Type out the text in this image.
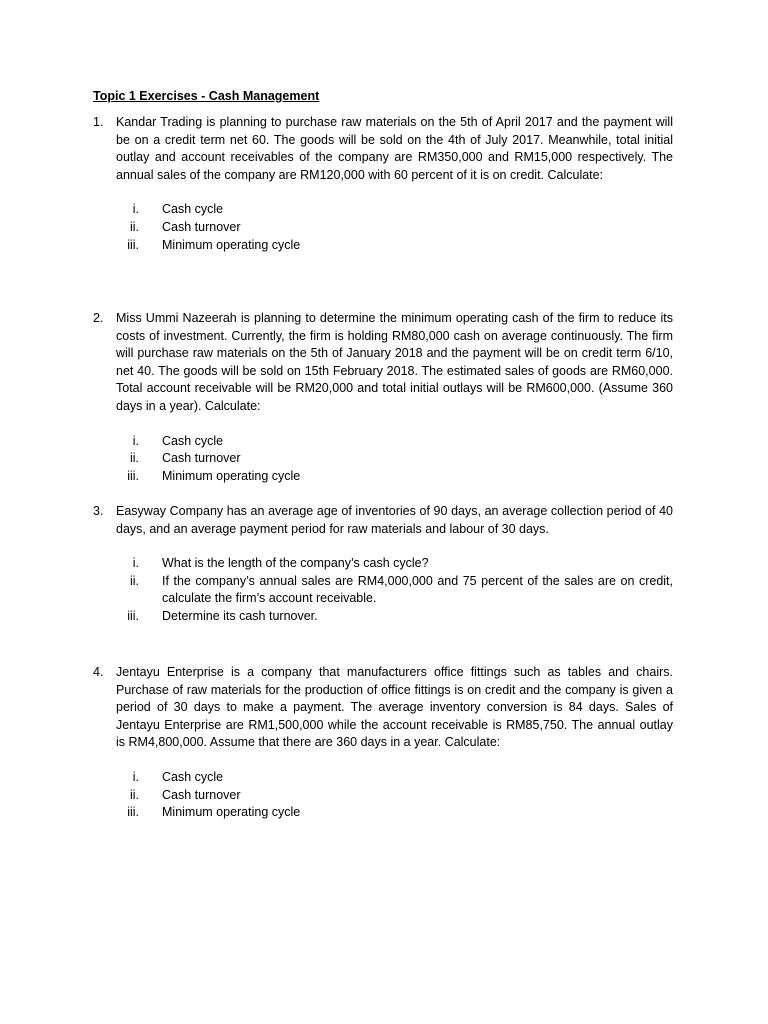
Topic 1 Exercises - Cash Management
1. Kandar Trading is planning to purchase raw materials on the 5th of April 2017 and the payment will be on a credit term net 60. The goods will be sold on the 4th of July 2017. Meanwhile, total initial outlay and account receivables of the company are RM350,000 and RM15,000 respectively. The annual sales of the company are RM120,000 with 60 percent of it is on credit. Calculate:
i. Cash cycle
ii. Cash turnover
iii. Minimum operating cycle
2. Miss Ummi Nazeerah is planning to determine the minimum operating cash of the firm to reduce its costs of investment. Currently, the firm is holding RM80,000 cash on average continuously. The firm will purchase raw materials on the 5th of January 2018 and the payment will be on credit term 6/10, net 40. The goods will be sold on 15th February 2018. The estimated sales of goods are RM60,000. Total account receivable will be RM20,000 and total initial outlays will be RM600,000. (Assume 360 days in a year). Calculate:
i. Cash cycle
ii. Cash turnover
iii. Minimum operating cycle
3. Easyway Company has an average age of inventories of 90 days, an average collection period of 40 days, and an average payment period for raw materials and labour of 30 days.
i. What is the length of the company’s cash cycle?
ii. If the company’s annual sales are RM4,000,000 and 75 percent of the sales are on credit, calculate the firm’s account receivable.
iii. Determine its cash turnover.
4. Jentayu Enterprise is a company that manufacturers office fittings such as tables and chairs. Purchase of raw materials for the production of office fittings is on credit and the company is given a period of 30 days to make a payment. The average inventory conversion is 84 days. Sales of Jentayu Enterprise are RM1,500,000 while the account receivable is RM85,750. The annual outlay is RM4,800,000. Assume that there are 360 days in a year. Calculate:
i. Cash cycle
ii. Cash turnover
iii. Minimum operating cycle
